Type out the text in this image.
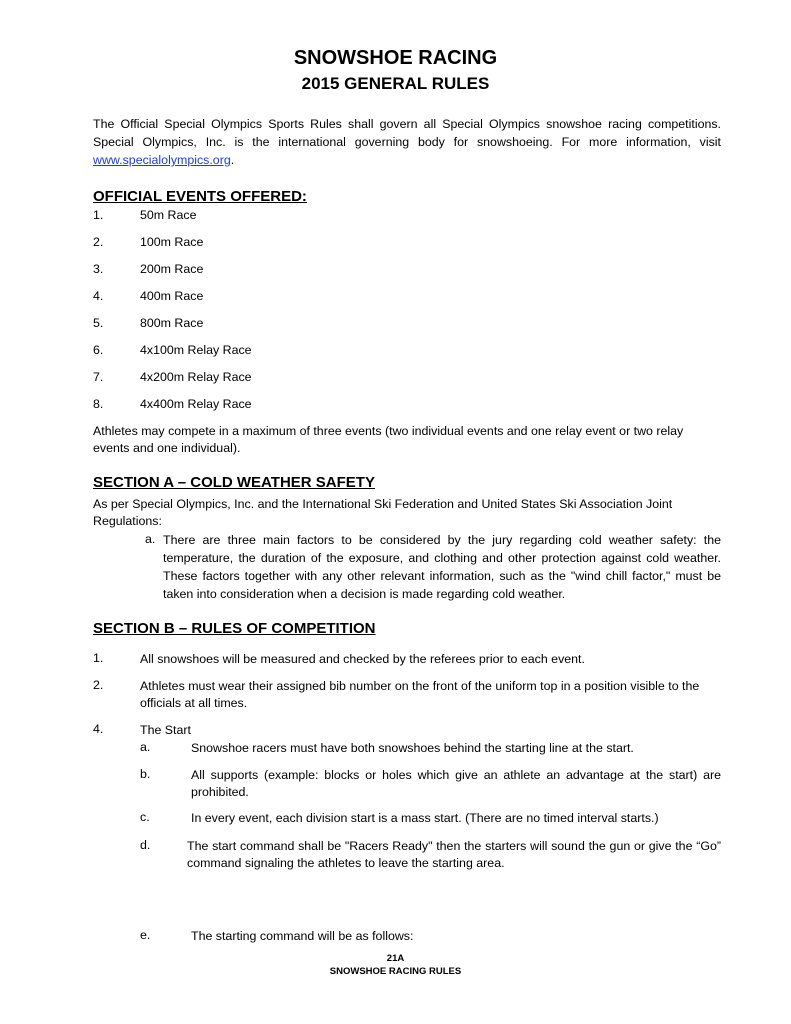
SNOWSHOE RACING
2015 GENERAL RULES
The Official Special Olympics Sports Rules shall govern all Special Olympics snowshoe racing competitions. Special Olympics, Inc. is the international governing body for snowshoeing. For more information, visit www.specialolympics.org.
OFFICIAL EVENTS OFFERED:
1.	50m Race
2.	100m Race
3.	200m Race
4.	400m Race
5.	800m Race
6.	4x100m Relay Race
7.	4x200m Relay Race
8.	4x400m Relay Race
Athletes may compete in a maximum of three events (two individual events and one relay event or two relay events and one individual).
SECTION A – COLD WEATHER SAFETY
As per Special Olympics, Inc. and the International Ski Federation and United States Ski Association Joint Regulations:
a. There are three main factors to be considered by the jury regarding cold weather safety: the temperature, the duration of the exposure, and clothing and other protection against cold weather. These factors together with any other relevant information, such as the "wind chill factor," must be taken into consideration when a decision is made regarding cold weather.
SECTION B – RULES OF COMPETITION
1.	All snowshoes will be measured and checked by the referees prior to each event.
2.	Athletes must wear their assigned bib number on the front of the uniform top in a position visible to the officials at all times.
4.	The Start
a.	Snowshoe racers must have both snowshoes behind the starting line at the start.
b.	All supports (example: blocks or holes which give an athlete an advantage at the start) are prohibited.
c.	In every event, each division start is a mass start. (There are no timed interval starts.)
d.	The start command shall be "Racers Ready" then the starters will sound the gun or give the “Go” command signaling the athletes to leave the starting area.
e.	The starting command will be as follows:
21A
SNOWSHOE RACING RULES
